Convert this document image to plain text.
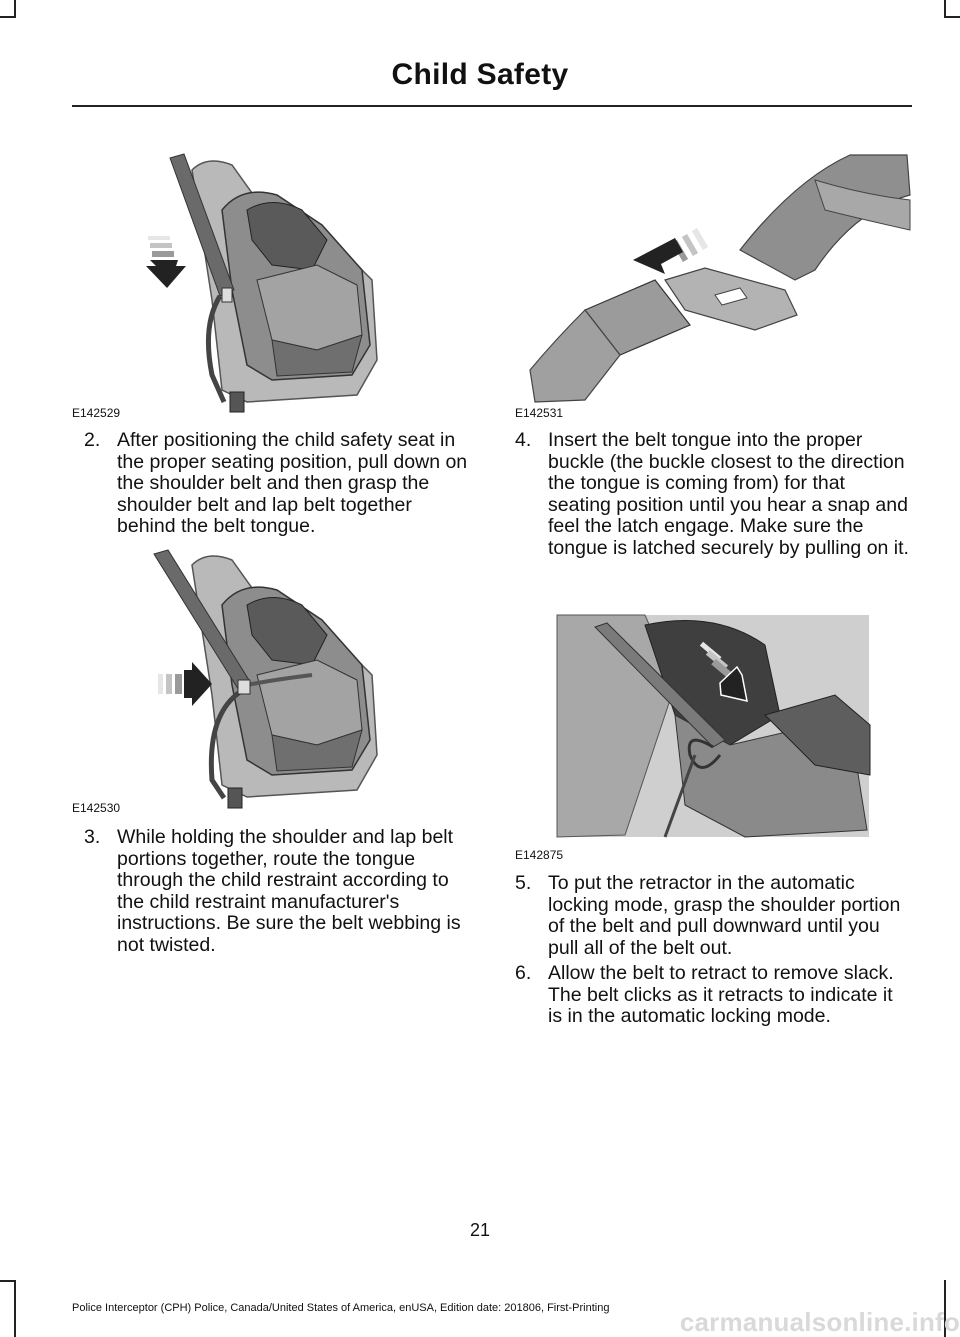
Child Safety
E142529	E142531
2. After positioning the child safety seat in the proper seating position, pull down on the shoulder belt and then grasp the shoulder belt and lap belt together behind the belt tongue.
4. Insert the belt tongue into the proper buckle (the buckle closest to the direction the tongue is coming from) for that seating position until you hear a snap and feel the latch engage. Make sure the tongue is latched securely by pulling on it.
E142530
3. While holding the shoulder and lap belt portions together, route the tongue through the child restraint according to the child restraint manufacturer's instructions. Be sure the belt webbing is not twisted.
E142875
5. To put the retractor in the automatic locking mode, grasp the shoulder portion of the belt and pull downward until you pull all of the belt out.
6. Allow the belt to retract to remove slack. The belt clicks as it retracts to indicate it is in the automatic locking mode.
21
Police Interceptor (CPH) Police, Canada/United States of America, enUSA, Edition date: 201806, First-Printing	carmanualsonline.info
